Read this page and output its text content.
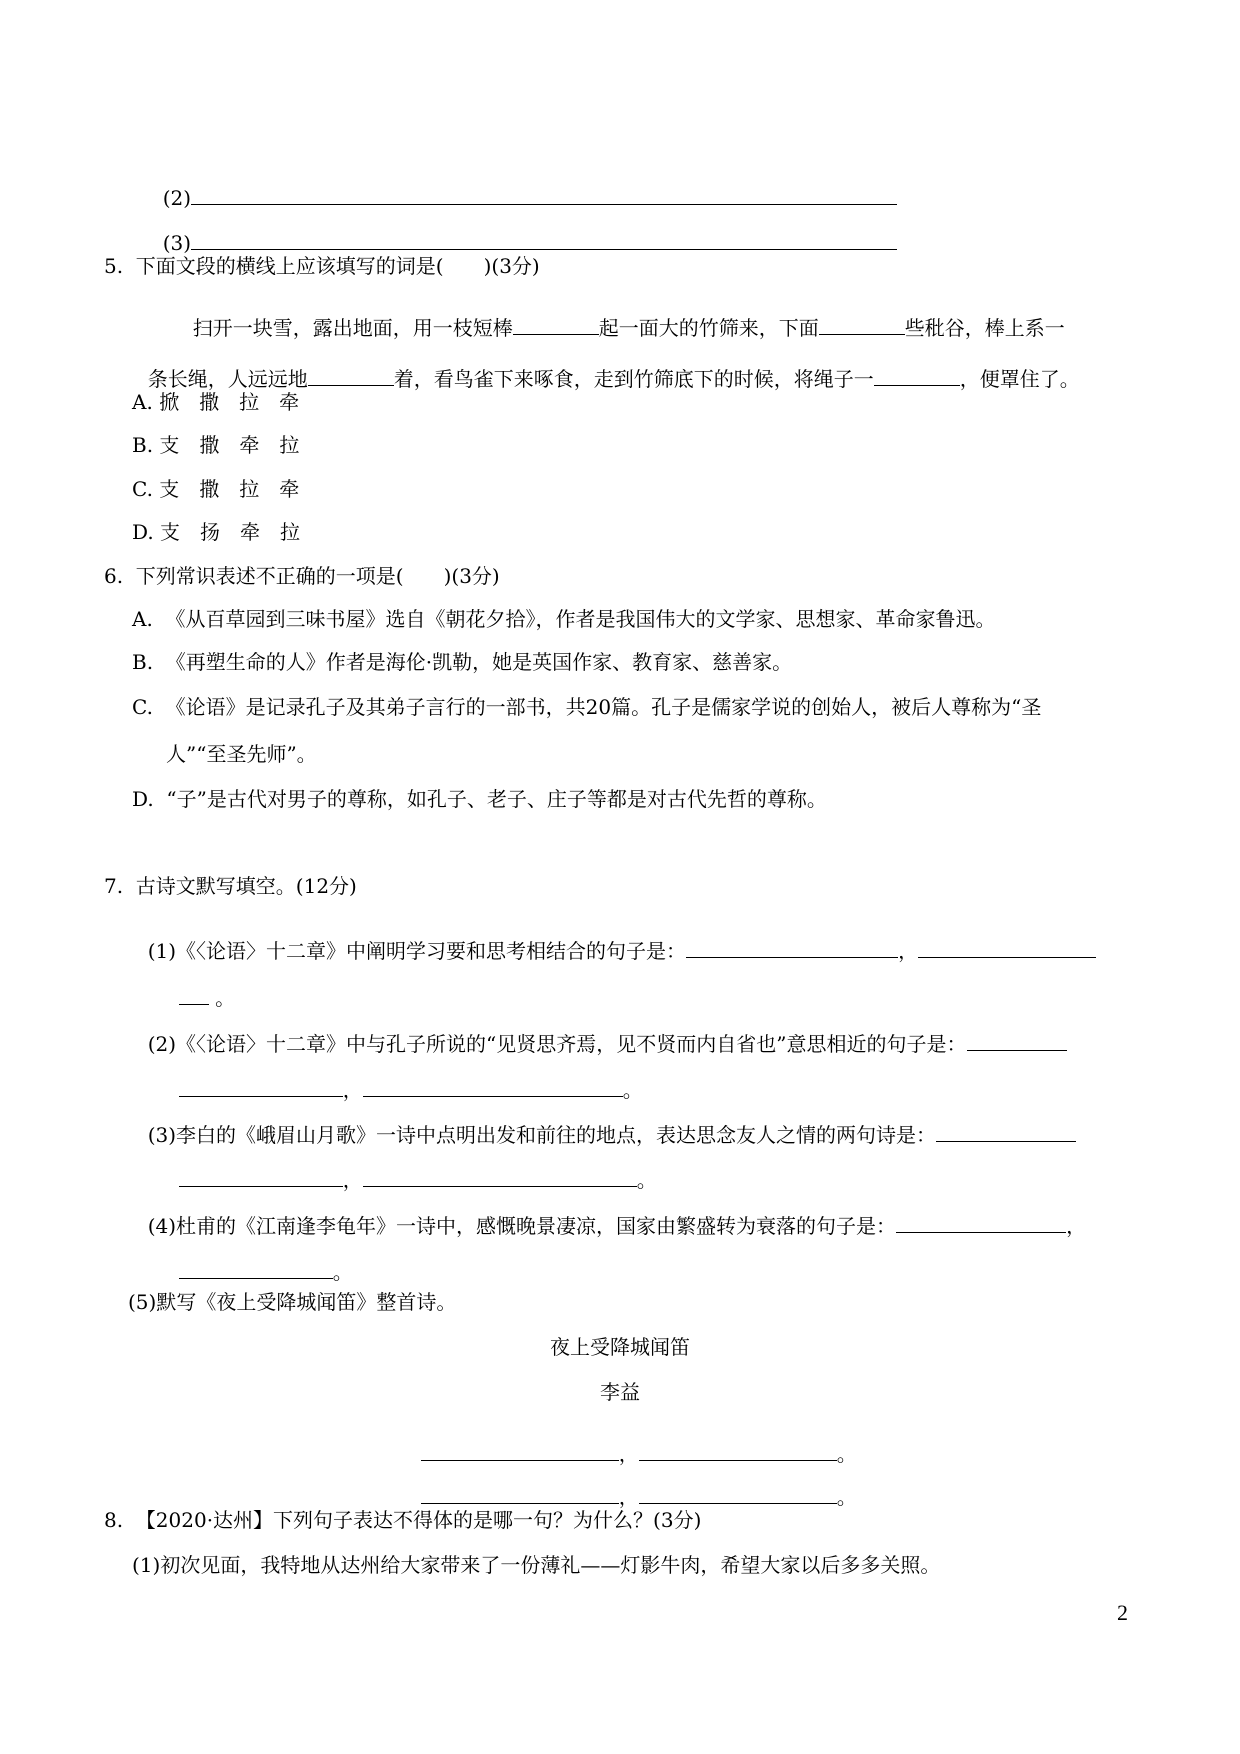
(2)

(3)

5.  下面文段的横线上应该填写的词是(　　)(3分)

扫开一块雪，露出地面，用一枝短棒	起一面大的竹筛来，下面	些秕谷，棒上系一

条长绳，人远远地	着，看鸟雀下来啄食，走到竹筛底下的时候，将绳子一	，便罩住了。

A. 掀　撒　拉　牵
B. 支　撒　牵　拉
C. 支　撒　拉　牵
D. 支　扬　牵　拉
6.  下列常识表述不正确的一项是(　　)(3分)
A.  《从百草园到三味书屋》选自《朝花夕拾》，作者是我国伟大的文学家、思想家、革命家鲁迅。
B.  《再塑生命的人》作者是海伦·凯勒，她是英国作家、教育家、慈善家。
C.  《论语》是记录孔子及其弟子言行的一部书，共20篇。孔子是儒家学说的创始人，被后人尊称为“圣
人”“至圣先师”。
D.  “子”是古代对男子的尊称，如孔子、老子、庄子等都是对古代先哲的尊称。
7.  古诗文默写填空。(12分)

(1)《〈论语〉十二章》中阐明学习要和思考相结合的句子是：	，

。

(2)《〈论语〉十二章》中与孔子所说的“见贤思齐焉，见不贤而内自省也”意思相近的句子是：

，	。

(3)李白的《峨眉山月歌》一诗中点明出发和前往的地点，表达思念友人之情的两句诗是：

，	。

(4)杜甫的《江南逢李龟年》一诗中，感慨晚景凄凉，国家由繁盛转为衰落的句子是：	，

。

(5)默写《夜上受降城闻笛》整首诗。
夜上受降城闻笛
李益

，	。

，	。

8.  【2020·达州】下列句子表达不得体的是哪一句？为什么？(3分)
(1)初次见面，我特地从达州给大家带来了一份薄礼——灯影牛肉，希望大家以后多多关照。
2
